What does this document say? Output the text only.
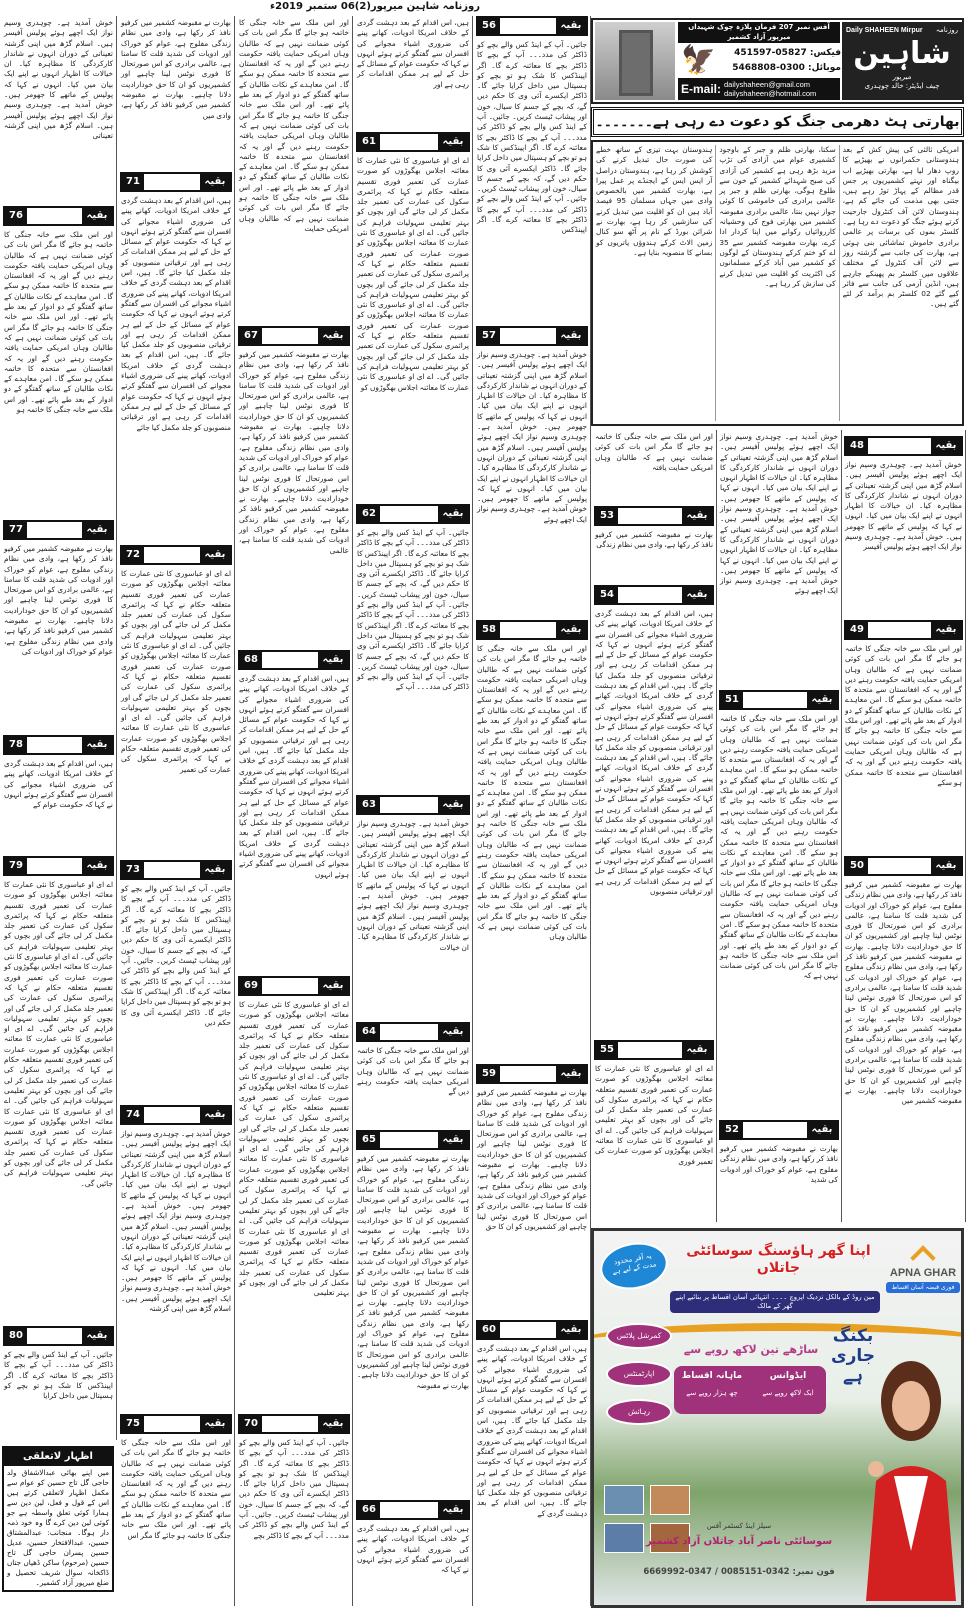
روزنامہ شاہین میرپور(2)06 ستمبر 2019ء
خوش آمدید ہے۔ چوہدری وسیم نواز ایک اچھے ہوئے پولیس آفیسر ہیں۔ اسلام گڑھ میں اپنی گزشتہ تعیناتی کے دوران انہوں نے شاندار کارکردگی کا مظاہرہ کیا۔ ان خیالات کا اظہار انہوں نے اپنے ایک بیان میں کیا۔ انہوں نے کہا کہ پولیس کے ماتھے کا جھومر ہیں۔ خوش آمدید ہے۔ چوہدری وسیم نواز ایک اچھے ہوئے پولیس آفیسر ہیں۔ اسلام گڑھ میں اپنی گزشتہ تعیناتی
76	بقیہ
اور اس ملک سے خانہ جنگی کا خاتمہ ہو جائے گا مگر اس بات کی کوئی ضمانت نہیں ہے کہ طالبان وہاں امریکی حمایت یافتہ حکومت رہنے دیں گے اور یہ کہ افغانستان سے متحدہ کا خاتمہ ممکن ہو سکے گا۔ امن معاہدے کے نکات طالبان کے ساتھ گفتگو کے دو ادوار کے بعد طے پائے تھے۔ اور اس ملک سے خانہ جنگی کا خاتمہ ہو جائے گا مگر اس بات کی کوئی ضمانت نہیں ہے کہ طالبان وہاں امریکی حمایت یافتہ حکومت رہنے دیں گے اور یہ کہ افغانستان سے متحدہ کا خاتمہ ممکن ہو سکے گا۔ امن معاہدے کے نکات طالبان کے ساتھ گفتگو کے دو ادوار کے بعد طے پائے تھے۔ اور اس ملک سے خانہ جنگی کا خاتمہ ہو
77	بقیہ
بھارت نے مقبوضہ کشمیر میں کرفیو نافذ کر رکھا ہے، وادی میں نظام زندگی مفلوج ہے، عوام کو خوراک اور ادویات کی شدید قلت کا سامنا ہے، عالمی برادری کو اس صورتحال کا فوری نوٹس لینا چاہیے اور کشمیریوں کو ان کا حق خودارادیت دلانا چاہیے۔ بھارت نے مقبوضہ کشمیر میں کرفیو نافذ کر رکھا ہے، وادی میں نظام زندگی مفلوج ہے، عوام کو خوراک اور ادویات کی
78	بقیہ
ہیں، اس اقدام کے بعد دہشت گردی کے خلاف امریکا ادویات، کھانے پینے کی ضروری اشیاء مجوانے کی افسران سے گفتگو کرتے ہوئے انہوں نے کہا کہ حکومت عوام کے
79	بقیہ
اے ای او عباسوری کا نئی عمارت کا معائنہ اجلاس بھگوڑوں کو صورت عمارت کی تعمیر فوری تقسیم متعلقہ حکام نے کہا کہ پرائمری سکول کی عمارت کی تعمیر جلد مکمل کر لی جائے گی اور بچوں کو بہتر تعلیمی سہولیات فراہم کی جائیں گی۔ اے ای او عباسوری کا نئی عمارت کا معائنہ اجلاس بھگوڑوں کو صورت عمارت کی تعمیر فوری تقسیم متعلقہ حکام نے کہا کہ پرائمری سکول کی عمارت کی تعمیر جلد مکمل کر لی جائے گی اور بچوں کو بہتر تعلیمی سہولیات فراہم کی جائیں گی۔ اے ای او عباسوری کا نئی عمارت کا معائنہ اجلاس بھگوڑوں کو صورت عمارت کی تعمیر فوری تقسیم متعلقہ حکام نے کہا کہ پرائمری سکول کی عمارت کی تعمیر جلد مکمل کر لی جائے گی اور بچوں کو بہتر تعلیمی سہولیات فراہم کی جائیں گی۔ اے ای او عباسوری کا نئی عمارت کا معائنہ اجلاس بھگوڑوں کو صورت عمارت کی تعمیر فوری تقسیم متعلقہ حکام نے کہا کہ پرائمری سکول کی عمارت کی تعمیر جلد مکمل کر لی جائے گی اور بچوں کو بہتر تعلیمی سہولیات فراہم کی جائیں گی۔
80	بقیہ
جائیں۔ آپ کے اینڈ کس والے بچے کو ڈاکٹر کی مدد۔۔۔ آپ کے بچے کا ڈاکٹر بچے کا معائنہ کرے گا۔ اگر اپینڈکس کا شک ہو تو بچے کو ہسپتال میں داخل کرایا
بھارت نے مقبوضہ کشمیر میں کرفیو نافذ کر رکھا ہے، وادی میں نظام زندگی مفلوج ہے، عوام کو خوراک اور ادویات کی شدید قلت کا سامنا ہے، عالمی برادری کو اس صورتحال کا فوری نوٹس لینا چاہیے اور کشمیریوں کو ان کا حق خودارادیت دلانا چاہیے۔ بھارت نے مقبوضہ کشمیر میں کرفیو نافذ کر رکھا ہے، وادی میں
71	بقیہ
ہیں، اس اقدام کے بعد دہشت گردی کے خلاف امریکا ادویات، کھانے پینے کی ضروری اشیاء مجوانے کی افسران سے گفتگو کرتے ہوئے انہوں نے کہا کہ حکومت عوام کے مسائل کے حل کے لیے ہر ممکن اقدامات کر رہی ہے اور ترقیاتی منصوبوں کو جلد مکمل کیا جائے گا۔ ہیں، اس اقدام کے بعد دہشت گردی کے خلاف امریکا ادویات، کھانے پینے کی ضروری اشیاء مجوانے کی افسران سے گفتگو کرتے ہوئے انہوں نے کہا کہ حکومت عوام کے مسائل کے حل کے لیے ہر ممکن اقدامات کر رہی ہے اور ترقیاتی منصوبوں کو جلد مکمل کیا جائے گا۔ ہیں، اس اقدام کے بعد دہشت گردی کے خلاف امریکا ادویات، کھانے پینے کی ضروری اشیاء مجوانے کی افسران سے گفتگو کرتے ہوئے انہوں نے کہا کہ حکومت عوام کے مسائل کے حل کے لیے ہر ممکن اقدامات کر رہی ہے اور ترقیاتی منصوبوں کو جلد مکمل کیا جائے
72	بقیہ
اے ای او عباسوری کا نئی عمارت کا معائنہ اجلاس بھگوڑوں کو صورت عمارت کی تعمیر فوری تقسیم متعلقہ حکام نے کہا کہ پرائمری سکول کی عمارت کی تعمیر جلد مکمل کر لی جائے گی اور بچوں کو بہتر تعلیمی سہولیات فراہم کی جائیں گی۔ اے ای او عباسوری کا نئی عمارت کا معائنہ اجلاس بھگوڑوں کو صورت عمارت کی تعمیر فوری تقسیم متعلقہ حکام نے کہا کہ پرائمری سکول کی عمارت کی تعمیر جلد مکمل کر لی جائے گی اور بچوں کو بہتر تعلیمی سہولیات فراہم کی جائیں گی۔ اے ای او عباسوری کا نئی عمارت کا معائنہ اجلاس بھگوڑوں کو صورت عمارت کی تعمیر فوری تقسیم متعلقہ حکام نے کہا کہ پرائمری سکول کی عمارت کی تعمیر
73	بقیہ
جائیں۔ آپ کے اینڈ کس والے بچے کو ڈاکٹر کی مدد۔۔۔ آپ کے بچے کا ڈاکٹر بچے کا معائنہ کرے گا۔ اگر اپینڈکس کا شک ہو تو بچے کو ہسپتال میں داخل کرایا جائے گا۔ ڈاکٹر ایکسرے آئی وی کا حکم دیں گے، کہ بچے کے جسم کا سیال، خون اور پیشاب ٹیسٹ کریں۔ جائیں۔ آپ کے اینڈ کس والے بچے کو ڈاکٹر کی مدد۔۔۔ آپ کے بچے کا ڈاکٹر بچے کا معائنہ کرے گا۔ اگر اپینڈکس کا شک ہو تو بچے کو ہسپتال میں داخل کرایا جائے گا۔ ڈاکٹر ایکسرے آئی وی کا حکم دیں
74	بقیہ
خوش آمدید ہے۔ چوہدری وسیم نواز ایک اچھے ہوئے پولیس آفیسر ہیں۔ اسلام گڑھ میں اپنی گزشتہ تعیناتی کے دوران انہوں نے شاندار کارکردگی کا مظاہرہ کیا۔ ان خیالات کا اظہار انہوں نے اپنے ایک بیان میں کیا۔ انہوں نے کہا کہ پولیس کے ماتھے کا جھومر ہیں۔ خوش آمدید ہے۔ چوہدری وسیم نواز ایک اچھے ہوئے پولیس آفیسر ہیں۔ اسلام گڑھ میں اپنی گزشتہ تعیناتی کے دوران انہوں نے شاندار کارکردگی کا مظاہرہ کیا۔ ان خیالات کا اظہار انہوں نے اپنے ایک بیان میں کیا۔ انہوں نے کہا کہ پولیس کے ماتھے کا جھومر ہیں۔ خوش آمدید ہے۔ چوہدری وسیم نواز ایک اچھے ہوئے پولیس آفیسر ہیں۔ اسلام گڑھ میں اپنی گزشتہ
75	بقیہ
اور اس ملک سے خانہ جنگی کا خاتمہ ہو جائے گا مگر اس بات کی کوئی ضمانت نہیں ہے کہ طالبان وہاں امریکی حمایت یافتہ حکومت رہنے دیں گے اور یہ کہ افغانستان سے متحدہ کا خاتمہ ممکن ہو سکے گا۔ امن معاہدے کے نکات طالبان کے ساتھ گفتگو کے دو ادوار کے بعد طے پائے تھے۔ اور اس ملک سے خانہ جنگی کا خاتمہ ہو جائے گا مگر اس
اور اس ملک سے خانہ جنگی کا خاتمہ ہو جائے گا مگر اس بات کی کوئی ضمانت نہیں ہے کہ طالبان وہاں امریکی حمایت یافتہ حکومت رہنے دیں گے اور یہ کہ افغانستان سے متحدہ کا خاتمہ ممکن ہو سکے گا۔ امن معاہدے کے نکات طالبان کے ساتھ گفتگو کے دو ادوار کے بعد طے پائے تھے۔ اور اس ملک سے خانہ جنگی کا خاتمہ ہو جائے گا مگر اس بات کی کوئی ضمانت نہیں ہے کہ طالبان وہاں امریکی حمایت یافتہ حکومت رہنے دیں گے اور یہ کہ افغانستان سے متحدہ کا خاتمہ ممکن ہو سکے گا۔ امن معاہدے کے نکات طالبان کے ساتھ گفتگو کے دو ادوار کے بعد طے پائے تھے۔ اور اس ملک سے خانہ جنگی کا خاتمہ ہو جائے گا مگر اس بات کی کوئی ضمانت نہیں ہے کہ طالبان وہاں امریکی حمایت
67	بقیہ
بھارت نے مقبوضہ کشمیر میں کرفیو نافذ کر رکھا ہے، وادی میں نظام زندگی مفلوج ہے، عوام کو خوراک اور ادویات کی شدید قلت کا سامنا ہے، عالمی برادری کو اس صورتحال کا فوری نوٹس لینا چاہیے اور کشمیریوں کو ان کا حق خودارادیت دلانا چاہیے۔ بھارت نے مقبوضہ کشمیر میں کرفیو نافذ کر رکھا ہے، وادی میں نظام زندگی مفلوج ہے، عوام کو خوراک اور ادویات کی شدید قلت کا سامنا ہے، عالمی برادری کو اس صورتحال کا فوری نوٹس لینا چاہیے اور کشمیریوں کو ان کا حق خودارادیت دلانا چاہیے۔ بھارت نے مقبوضہ کشمیر میں کرفیو نافذ کر رکھا ہے، وادی میں نظام زندگی مفلوج ہے، عوام کو خوراک اور ادویات کی شدید قلت کا سامنا ہے، عالمی
68	بقیہ
ہیں، اس اقدام کے بعد دہشت گردی کے خلاف امریکا ادویات، کھانے پینے کی ضروری اشیاء مجوانے کی افسران سے گفتگو کرتے ہوئے انہوں نے کہا کہ حکومت عوام کے مسائل کے حل کے لیے ہر ممکن اقدامات کر رہی ہے اور ترقیاتی منصوبوں کو جلد مکمل کیا جائے گا۔ ہیں، اس اقدام کے بعد دہشت گردی کے خلاف امریکا ادویات، کھانے پینے کی ضروری اشیاء مجوانے کی افسران سے گفتگو کرتے ہوئے انہوں نے کہا کہ حکومت عوام کے مسائل کے حل کے لیے ہر ممکن اقدامات کر رہی ہے اور ترقیاتی منصوبوں کو جلد مکمل کیا جائے گا۔ ہیں، اس اقدام کے بعد دہشت گردی کے خلاف امریکا ادویات، کھانے پینے کی ضروری اشیاء مجوانے کی افسران سے گفتگو کرتے ہوئے انہوں
69	بقیہ
اے ای او عباسوری کا نئی عمارت کا معائنہ اجلاس بھگوڑوں کو صورت عمارت کی تعمیر فوری تقسیم متعلقہ حکام نے کہا کہ پرائمری سکول کی عمارت کی تعمیر جلد مکمل کر لی جائے گی اور بچوں کو بہتر تعلیمی سہولیات فراہم کی جائیں گی۔ اے ای او عباسوری کا نئی عمارت کا معائنہ اجلاس بھگوڑوں کو صورت عمارت کی تعمیر فوری تقسیم متعلقہ حکام نے کہا کہ پرائمری سکول کی عمارت کی تعمیر جلد مکمل کر لی جائے گی اور بچوں کو بہتر تعلیمی سہولیات فراہم کی جائیں گی۔ اے ای او عباسوری کا نئی عمارت کا معائنہ اجلاس بھگوڑوں کو صورت عمارت کی تعمیر فوری تقسیم متعلقہ حکام نے کہا کہ پرائمری سکول کی عمارت کی تعمیر جلد مکمل کر لی جائے گی اور بچوں کو بہتر تعلیمی سہولیات فراہم کی جائیں گی۔ اے ای او عباسوری کا نئی عمارت کا معائنہ اجلاس بھگوڑوں کو صورت عمارت کی تعمیر فوری تقسیم متعلقہ حکام نے کہا کہ پرائمری سکول کی عمارت کی تعمیر جلد مکمل کر لی جائے گی اور بچوں کو بہتر تعلیمی
70	بقیہ
جائیں۔ آپ کے اینڈ کس والے بچے کو ڈاکٹر کی مدد۔۔۔ آپ کے بچے کا ڈاکٹر بچے کا معائنہ کرے گا۔ اگر اپینڈکس کا شک ہو تو بچے کو ہسپتال میں داخل کرایا جائے گا۔ ڈاکٹر ایکسرے آئی وی کا حکم دیں گے، کہ بچے کے جسم کا سیال، خون اور پیشاب ٹیسٹ کریں۔ جائیں۔ آپ کے اینڈ کس والے بچے کو ڈاکٹر کی مدد۔۔۔ آپ کے بچے کا ڈاکٹر بچے
ہیں، اس اقدام کے بعد دہشت گردی کے خلاف امریکا ادویات، کھانے پینے کی ضروری اشیاء مجوانے کی افسران سے گفتگو کرتے ہوئے انہوں نے کہا کہ حکومت عوام کے مسائل کے حل کے لیے ہر ممکن اقدامات کر رہی ہے اور
61	بقیہ
اے ای او عباسوری کا نئی عمارت کا معائنہ اجلاس بھگوڑوں کو صورت عمارت کی تعمیر فوری تقسیم متعلقہ حکام نے کہا کہ پرائمری سکول کی عمارت کی تعمیر جلد مکمل کر لی جائے گی اور بچوں کو بہتر تعلیمی سہولیات فراہم کی جائیں گی۔ اے ای او عباسوری کا نئی عمارت کا معائنہ اجلاس بھگوڑوں کو صورت عمارت کی تعمیر فوری تقسیم متعلقہ حکام نے کہا کہ پرائمری سکول کی عمارت کی تعمیر جلد مکمل کر لی جائے گی اور بچوں کو بہتر تعلیمی سہولیات فراہم کی جائیں گی۔ اے ای او عباسوری کا نئی عمارت کا معائنہ اجلاس بھگوڑوں کو صورت عمارت کی تعمیر فوری تقسیم متعلقہ حکام نے کہا کہ پرائمری سکول کی عمارت کی تعمیر جلد مکمل کر لی جائے گی اور بچوں کو بہتر تعلیمی سہولیات فراہم کی جائیں گی۔ اے ای او عباسوری کا نئی عمارت کا معائنہ اجلاس بھگوڑوں کو
62	بقیہ
جائیں۔ آپ کے اینڈ کس والے بچے کو ڈاکٹر کی مدد۔۔۔ آپ کے بچے کا ڈاکٹر بچے کا معائنہ کرے گا۔ اگر اپینڈکس کا شک ہو تو بچے کو ہسپتال میں داخل کرایا جائے گا۔ ڈاکٹر ایکسرے آئی وی کا حکم دیں گے، کہ بچے کے جسم کا سیال، خون اور پیشاب ٹیسٹ کریں۔ جائیں۔ آپ کے اینڈ کس والے بچے کو ڈاکٹر کی مدد۔۔۔ آپ کے بچے کا ڈاکٹر بچے کا معائنہ کرے گا۔ اگر اپینڈکس کا شک ہو تو بچے کو ہسپتال میں داخل کرایا جائے گا۔ ڈاکٹر ایکسرے آئی وی کا حکم دیں گے، کہ بچے کے جسم کا سیال، خون اور پیشاب ٹیسٹ کریں۔ جائیں۔ آپ کے اینڈ کس والے بچے کو ڈاکٹر کی مدد۔۔۔ آپ کے
63	بقیہ
خوش آمدید ہے۔ چوہدری وسیم نواز ایک اچھے ہوئے پولیس آفیسر ہیں۔ اسلام گڑھ میں اپنی گزشتہ تعیناتی کے دوران انہوں نے شاندار کارکردگی کا مظاہرہ کیا۔ ان خیالات کا اظہار انہوں نے اپنے ایک بیان میں کیا۔ انہوں نے کہا کہ پولیس کے ماتھے کا جھومر ہیں۔ خوش آمدید ہے۔ چوہدری وسیم نواز ایک اچھے ہوئے پولیس آفیسر ہیں۔ اسلام گڑھ میں اپنی گزشتہ تعیناتی کے دوران انہوں نے شاندار کارکردگی کا مظاہرہ کیا۔ ان خیالات
64	بقیہ
اور اس ملک سے خانہ جنگی کا خاتمہ ہو جائے گا مگر اس بات کی کوئی ضمانت نہیں ہے کہ طالبان وہاں امریکی حمایت یافتہ حکومت رہنے دیں گے
65	بقیہ
بھارت نے مقبوضہ کشمیر میں کرفیو نافذ کر رکھا ہے، وادی میں نظام زندگی مفلوج ہے، عوام کو خوراک اور ادویات کی شدید قلت کا سامنا ہے، عالمی برادری کو اس صورتحال کا فوری نوٹس لینا چاہیے اور کشمیریوں کو ان کا حق خودارادیت دلانا چاہیے۔ بھارت نے مقبوضہ کشمیر میں کرفیو نافذ کر رکھا ہے، وادی میں نظام زندگی مفلوج ہے، عوام کو خوراک اور ادویات کی شدید قلت کا سامنا ہے، عالمی برادری کو اس صورتحال کا فوری نوٹس لینا چاہیے اور کشمیریوں کو ان کا حق خودارادیت دلانا چاہیے۔ بھارت نے مقبوضہ کشمیر میں کرفیو نافذ کر رکھا ہے، وادی میں نظام زندگی مفلوج ہے، عوام کو خوراک اور ادویات کی شدید قلت کا سامنا ہے، عالمی برادری کو اس صورتحال کا فوری نوٹس لینا چاہیے اور کشمیریوں کو ان کا حق خودارادیت دلانا چاہیے۔ بھارت نے مقبوضہ
66	بقیہ
ہیں، اس اقدام کے بعد دہشت گردی کے خلاف امریکا ادویات، کھانے پینے کی ضروری اشیاء مجوانے کی افسران سے گفتگو کرتے ہوئے انہوں نے کہا کہ
56	بقیہ
جائیں۔ آپ کے اینڈ کس والے بچے کو ڈاکٹر کی مدد۔۔۔ آپ کے بچے کا ڈاکٹر بچے کا معائنہ کرے گا۔ اگر اپینڈکس کا شک ہو تو بچے کو ہسپتال میں داخل کرایا جائے گا۔ ڈاکٹر ایکسرے آئی وی کا حکم دیں گے، کہ بچے کے جسم کا سیال، خون اور پیشاب ٹیسٹ کریں۔ جائیں۔ آپ کے اینڈ کس والے بچے کو ڈاکٹر کی مدد۔۔۔ آپ کے بچے کا ڈاکٹر بچے کا معائنہ کرے گا۔ اگر اپینڈکس کا شک ہو تو بچے کو ہسپتال میں داخل کرایا جائے گا۔ ڈاکٹر ایکسرے آئی وی کا حکم دیں گے، کہ بچے کے جسم کا سیال، خون اور پیشاب ٹیسٹ کریں۔ جائیں۔ آپ کے اینڈ کس والے بچے کو ڈاکٹر کی مدد۔۔۔ آپ کے بچے کا ڈاکٹر بچے کا معائنہ کرے گا۔ اگر اپینڈکس
57	بقیہ
خوش آمدید ہے۔ چوہدری وسیم نواز ایک اچھے ہوئے پولیس آفیسر ہیں۔ اسلام گڑھ میں اپنی گزشتہ تعیناتی کے دوران انہوں نے شاندار کارکردگی کا مظاہرہ کیا۔ ان خیالات کا اظہار انہوں نے اپنے ایک بیان میں کیا۔ انہوں نے کہا کہ پولیس کے ماتھے کا جھومر ہیں۔ خوش آمدید ہے۔ چوہدری وسیم نواز ایک اچھے ہوئے پولیس آفیسر ہیں۔ اسلام گڑھ میں اپنی گزشتہ تعیناتی کے دوران انہوں نے شاندار کارکردگی کا مظاہرہ کیا۔ ان خیالات کا اظہار انہوں نے اپنے ایک بیان میں کیا۔ انہوں نے کہا کہ پولیس کے ماتھے کا جھومر ہیں۔ خوش آمدید ہے۔ چوہدری وسیم نواز ایک اچھے ہوئے
58	بقیہ
اور اس ملک سے خانہ جنگی کا خاتمہ ہو جائے گا مگر اس بات کی کوئی ضمانت نہیں ہے کہ طالبان وہاں امریکی حمایت یافتہ حکومت رہنے دیں گے اور یہ کہ افغانستان سے متحدہ کا خاتمہ ممکن ہو سکے گا۔ امن معاہدے کے نکات طالبان کے ساتھ گفتگو کے دو ادوار کے بعد طے پائے تھے۔ اور اس ملک سے خانہ جنگی کا خاتمہ ہو جائے گا مگر اس بات کی کوئی ضمانت نہیں ہے کہ طالبان وہاں امریکی حمایت یافتہ حکومت رہنے دیں گے اور یہ کہ افغانستان سے متحدہ کا خاتمہ ممکن ہو سکے گا۔ امن معاہدے کے نکات طالبان کے ساتھ گفتگو کے دو ادوار کے بعد طے پائے تھے۔ اور اس ملک سے خانہ جنگی کا خاتمہ ہو جائے گا مگر اس بات کی کوئی ضمانت نہیں ہے کہ طالبان وہاں امریکی حمایت یافتہ حکومت رہنے دیں گے اور یہ کہ افغانستان سے متحدہ کا خاتمہ ممکن ہو سکے گا۔ امن معاہدے کے نکات طالبان کے ساتھ گفتگو کے دو ادوار کے بعد طے پائے تھے۔ اور اس ملک سے خانہ جنگی کا خاتمہ ہو جائے گا مگر اس بات کی کوئی ضمانت نہیں ہے کہ طالبان وہاں
59	بقیہ
بھارت نے مقبوضہ کشمیر میں کرفیو نافذ کر رکھا ہے، وادی میں نظام زندگی مفلوج ہے، عوام کو خوراک اور ادویات کی شدید قلت کا سامنا ہے، عالمی برادری کو اس صورتحال کا فوری نوٹس لینا چاہیے اور کشمیریوں کو ان کا حق خودارادیت دلانا چاہیے۔ بھارت نے مقبوضہ کشمیر میں کرفیو نافذ کر رکھا ہے، وادی میں نظام زندگی مفلوج ہے، عوام کو خوراک اور ادویات کی شدید قلت کا سامنا ہے، عالمی برادری کو اس صورتحال کا فوری نوٹس لینا چاہیے اور کشمیریوں کو ان کا حق
60	بقیہ
ہیں، اس اقدام کے بعد دہشت گردی کے خلاف امریکا ادویات، کھانے پینے کی ضروری اشیاء مجوانے کی افسران سے گفتگو کرتے ہوئے انہوں نے کہا کہ حکومت عوام کے مسائل کے حل کے لیے ہر ممکن اقدامات کر رہی ہے اور ترقیاتی منصوبوں کو جلد مکمل کیا جائے گا۔ ہیں، اس اقدام کے بعد دہشت گردی کے خلاف امریکا ادویات، کھانے پینے کی ضروری اشیاء مجوانے کی افسران سے گفتگو کرتے ہوئے انہوں نے کہا کہ حکومت عوام کے مسائل کے حل کے لیے ہر ممکن اقدامات کر رہی ہے اور ترقیاتی منصوبوں کو جلد مکمل کیا جائے گا۔ ہیں، اس اقدام کے بعد دہشت گردی کے
اور اس ملک سے خانہ جنگی کا خاتمہ ہو جائے گا مگر اس بات کی کوئی ضمانت نہیں ہے کہ طالبان وہاں امریکی حمایت یافتہ
53	بقیہ
بھارت نے مقبوضہ کشمیر میں کرفیو نافذ کر رکھا ہے، وادی میں نظام زندگی
54	بقیہ
ہیں، اس اقدام کے بعد دہشت گردی کے خلاف امریکا ادویات، کھانے پینے کی ضروری اشیاء مجوانے کی افسران سے گفتگو کرتے ہوئے انہوں نے کہا کہ حکومت عوام کے مسائل کے حل کے لیے ہر ممکن اقدامات کر رہی ہے اور ترقیاتی منصوبوں کو جلد مکمل کیا جائے گا۔ ہیں، اس اقدام کے بعد دہشت گردی کے خلاف امریکا ادویات، کھانے پینے کی ضروری اشیاء مجوانے کی افسران سے گفتگو کرتے ہوئے انہوں نے کہا کہ حکومت عوام کے مسائل کے حل کے لیے ہر ممکن اقدامات کر رہی ہے اور ترقیاتی منصوبوں کو جلد مکمل کیا جائے گا۔ ہیں، اس اقدام کے بعد دہشت گردی کے خلاف امریکا ادویات، کھانے پینے کی ضروری اشیاء مجوانے کی افسران سے گفتگو کرتے ہوئے انہوں نے کہا کہ حکومت عوام کے مسائل کے حل کے لیے ہر ممکن اقدامات کر رہی ہے اور ترقیاتی منصوبوں کو جلد مکمل کیا جائے گا۔ ہیں، اس اقدام کے بعد دہشت گردی کے خلاف امریکا ادویات، کھانے پینے کی ضروری اشیاء مجوانے کی افسران سے گفتگو کرتے ہوئے انہوں نے کہا کہ حکومت عوام کے مسائل کے حل کے لیے ہر ممکن اقدامات کر رہی ہے اور ترقیاتی منصوبوں
55	بقیہ
اے ای او عباسوری کا نئی عمارت کا معائنہ اجلاس بھگوڑوں کو صورت عمارت کی تعمیر فوری تقسیم متعلقہ حکام نے کہا کہ پرائمری سکول کی عمارت کی تعمیر جلد مکمل کر لی جائے گی اور بچوں کو بہتر تعلیمی سہولیات فراہم کی جائیں گی۔ اے ای او عباسوری کا نئی عمارت کا معائنہ اجلاس بھگوڑوں کو صورت عمارت کی تعمیر فوری
خوش آمدید ہے۔ چوہدری وسیم نواز ایک اچھے ہوئے پولیس آفیسر ہیں۔ اسلام گڑھ میں اپنی گزشتہ تعیناتی کے دوران انہوں نے شاندار کارکردگی کا مظاہرہ کیا۔ ان خیالات کا اظہار انہوں نے اپنے ایک بیان میں کیا۔ انہوں نے کہا کہ پولیس کے ماتھے کا جھومر ہیں۔ خوش آمدید ہے۔ چوہدری وسیم نواز ایک اچھے ہوئے پولیس آفیسر ہیں۔ اسلام گڑھ میں اپنی گزشتہ تعیناتی کے دوران انہوں نے شاندار کارکردگی کا مظاہرہ کیا۔ ان خیالات کا اظہار انہوں نے اپنے ایک بیان میں کیا۔ انہوں نے کہا کہ پولیس کے ماتھے کا جھومر ہیں۔ خوش آمدید ہے۔ چوہدری وسیم نواز ایک اچھے ہوئے
51	بقیہ
اور اس ملک سے خانہ جنگی کا خاتمہ ہو جائے گا مگر اس بات کی کوئی ضمانت نہیں ہے کہ طالبان وہاں امریکی حمایت یافتہ حکومت رہنے دیں گے اور یہ کہ افغانستان سے متحدہ کا خاتمہ ممکن ہو سکے گا۔ امن معاہدے کے نکات طالبان کے ساتھ گفتگو کے دو ادوار کے بعد طے پائے تھے۔ اور اس ملک سے خانہ جنگی کا خاتمہ ہو جائے گا مگر اس بات کی کوئی ضمانت نہیں ہے کہ طالبان وہاں امریکی حمایت یافتہ حکومت رہنے دیں گے اور یہ کہ افغانستان سے متحدہ کا خاتمہ ممکن ہو سکے گا۔ امن معاہدے کے نکات طالبان کے ساتھ گفتگو کے دو ادوار کے بعد طے پائے تھے۔ اور اس ملک سے خانہ جنگی کا خاتمہ ہو جائے گا مگر اس بات کی کوئی ضمانت نہیں ہے کہ طالبان وہاں امریکی حمایت یافتہ حکومت رہنے دیں گے اور یہ کہ افغانستان سے متحدہ کا خاتمہ ممکن ہو سکے گا۔ امن معاہدے کے نکات طالبان کے ساتھ گفتگو کے دو ادوار کے بعد طے پائے تھے۔ اور اس ملک سے خانہ جنگی کا خاتمہ ہو جائے گا مگر اس بات کی کوئی ضمانت نہیں ہے کہ
52	بقیہ
بھارت نے مقبوضہ کشمیر میں کرفیو نافذ کر رکھا ہے، وادی میں نظام زندگی مفلوج ہے، عوام کو خوراک اور ادویات کی شدید
48	بقیہ
خوش آمدید ہے۔ چوہدری وسیم نواز ایک اچھے ہوئے پولیس آفیسر ہیں۔ اسلام گڑھ میں اپنی گزشتہ تعیناتی کے دوران انہوں نے شاندار کارکردگی کا مظاہرہ کیا۔ ان خیالات کا اظہار انہوں نے اپنے ایک بیان میں کیا۔ انہوں نے کہا کہ پولیس کے ماتھے کا جھومر ہیں۔ خوش آمدید ہے۔ چوہدری وسیم نواز ایک اچھے ہوئے پولیس آفیسر
49	بقیہ
اور اس ملک سے خانہ جنگی کا خاتمہ ہو جائے گا مگر اس بات کی کوئی ضمانت نہیں ہے کہ طالبان وہاں امریکی حمایت یافتہ حکومت رہنے دیں گے اور یہ کہ افغانستان سے متحدہ کا خاتمہ ممکن ہو سکے گا۔ امن معاہدے کے نکات طالبان کے ساتھ گفتگو کے دو ادوار کے بعد طے پائے تھے۔ اور اس ملک سے خانہ جنگی کا خاتمہ ہو جائے گا مگر اس بات کی کوئی ضمانت نہیں ہے کہ طالبان وہاں امریکی حمایت یافتہ حکومت رہنے دیں گے اور یہ کہ افغانستان سے متحدہ کا خاتمہ ممکن ہو سکے
50	بقیہ
بھارت نے مقبوضہ کشمیر میں کرفیو نافذ کر رکھا ہے، وادی میں نظام زندگی مفلوج ہے، عوام کو خوراک اور ادویات کی شدید قلت کا سامنا ہے، عالمی برادری کو اس صورتحال کا فوری نوٹس لینا چاہیے اور کشمیریوں کو ان کا حق خودارادیت دلانا چاہیے۔ بھارت نے مقبوضہ کشمیر میں کرفیو نافذ کر رکھا ہے، وادی میں نظام زندگی مفلوج ہے، عوام کو خوراک اور ادویات کی شدید قلت کا سامنا ہے، عالمی برادری کو اس صورتحال کا فوری نوٹس لینا چاہیے اور کشمیریوں کو ان کا حق خودارادیت دلانا چاہیے۔ بھارت نے مقبوضہ کشمیر میں کرفیو نافذ کر رکھا ہے، وادی میں نظام زندگی مفلوج ہے، عوام کو خوراک اور ادویات کی شدید قلت کا سامنا ہے، عالمی برادری کو اس صورتحال کا فوری نوٹس لینا چاہیے اور کشمیریوں کو ان کا حق خودارادیت دلانا چاہیے۔ بھارت نے مقبوضہ کشمیر میں
آفس نمبر 207 فرمان پلازہ چوک شہیداں میرپور آزاد کشمیر
🦅	فیکس: 05827-451597
موبائل: 0300-5468808
E-mail: dailyshaheen@gmail.com
dailyshaheen@hotmail.com
Daily SHAHEEN Mirpur روزنامہ
شاہین
میرپور
چیف ایڈیٹر: خالد چوہدری
بھارتی ہٹ دھرمی جنگ کو دعوت دے رہی ہے۔۔۔۔۔۔۔
امریکی ثالثی کی پیش کش کے بعد ہندوستانی حکمرانوں نے بھیڑیے کا روپ دھار لیا ہے، بھارتی بھیڑیے اب بیگناہ اور نہتے کشمیریوں پر جس قدر مظالم کے پہاڑ توڑ رہے ہیں، جتنی بھی مذمت کی جائے کم ہے، ہندوستان لائن آف کنٹرول جارحیت کرتے ہوئے جنگ کو دعوت دے رہا ہے۔ کلسٹر بموں کی برسات پر عالمی برادری خاموش تماشائی بنی ہوئی ہے، بھارت کی جانب سے گزشتہ روز سے لائن آف کنٹرول کے مختلف علاقوں میں کلسٹر بم پھینکے جارہے ہیں، انڈین آرمی کی جانب سے فائر کیے گئے 02 کلسٹر بم برآمد کر لئے گئے ہیں۔
سکتا، بھارتی ظلم و جبر کے باوجود کشمیری عوام میں آزادی کی تڑپ مزید بڑھ رہی ہے کشمیر کی آزادی کی صبح شہدائے کشمیر کے خون سے طلوع ہوگی، بھارتی ظلم و جبر پر عالمی برادری کی خاموشی کا کوئی جواز نہیں بنتا، عالمی برادری مقبوضہ کشمیر میں بھارتی فوج کی وحشیانہ کارروائیاں رکوانے میں اپنا کردار ادا کرے، بھارت مقبوضہ کشمیر سے 35 اے کو ختم کرکے ہندوستان کے لوگوں کو کشمیر میں آباد کرکے مسلمانوں کی اکثریت کو اقلیت میں تبدیل کرنے کی سازش کر رہا ہے۔
ہندوستان بہت تیزی کے ساتھ خطے کی صورت حال تبدیل کرنے کی کوشش کر رہا ہے، ہندوستان دراصل آر ایس ایس کے ایجنڈے پر عمل پیرا ہے، بھارت کشمیر میں بالخصوص وادی میں جہاں مسلمان 95 فیصد آباد ہیں ان کو اقلیت میں تبدیل کرنے کی سازشیں کر رہا ہے، بھارت نے شرائن بورڈ کے نام پر آٹھ سو کنال زمین الاٹ کرکے ہندوؤں یاتریوں کو بسانے کا منصوبہ بنایا ہے۔
اظہار لاتعلقی
میں اپنے بھائی عبدالاشفاق ولد حاجی گل تاج حسین کو عوام سے مکمل اظہار لاتعلقی کرتے ہیں اس کے قول و فعل، لین دین سے ہمارا کوئی تعلق واسطہ ہے جو کوئی لین دین کرے گا وہ خود ذمہ دار ہوگا۔ منجانب: عبدالمشتاق حسین، عبدالافتخار حسین، عدیل حسین پسران حاجی گل تاج حسین (مرحوم) ساکن ڈھیاں جتاں ڈاکخانہ سوال شریف تحصیل و ضلع میرپور آزاد کشمیر۔
یہ آفر محدود مدت کے لیے ہے
اپنا گھر ہاؤسنگ سوسائٹی جاتلاں	APNA GHAR
فوری قبضہ آسان اقساط
مین روڈ کے بالکل نزدیک اپروچ ۔۔۔۔ انتہائی آسان اقساط پر بنائیے اپنے گھر کے مالک
کمرشل پلاٹس
اپارٹمنٹس
رہائش
ساڑھے تین لاکھ روپے سے
ایڈوانس
ایک لاکھ روپے سے
ماہانہ اقساط
چھ ہزار روپے سے
بکنگ جاری ہے
سیلز اینڈ کسٹمر آفس
سوسائٹی ناصر آباد جاتلاں آزاد کشمیر
فون نمبر: 0342-0085151 / 0347-6669992
